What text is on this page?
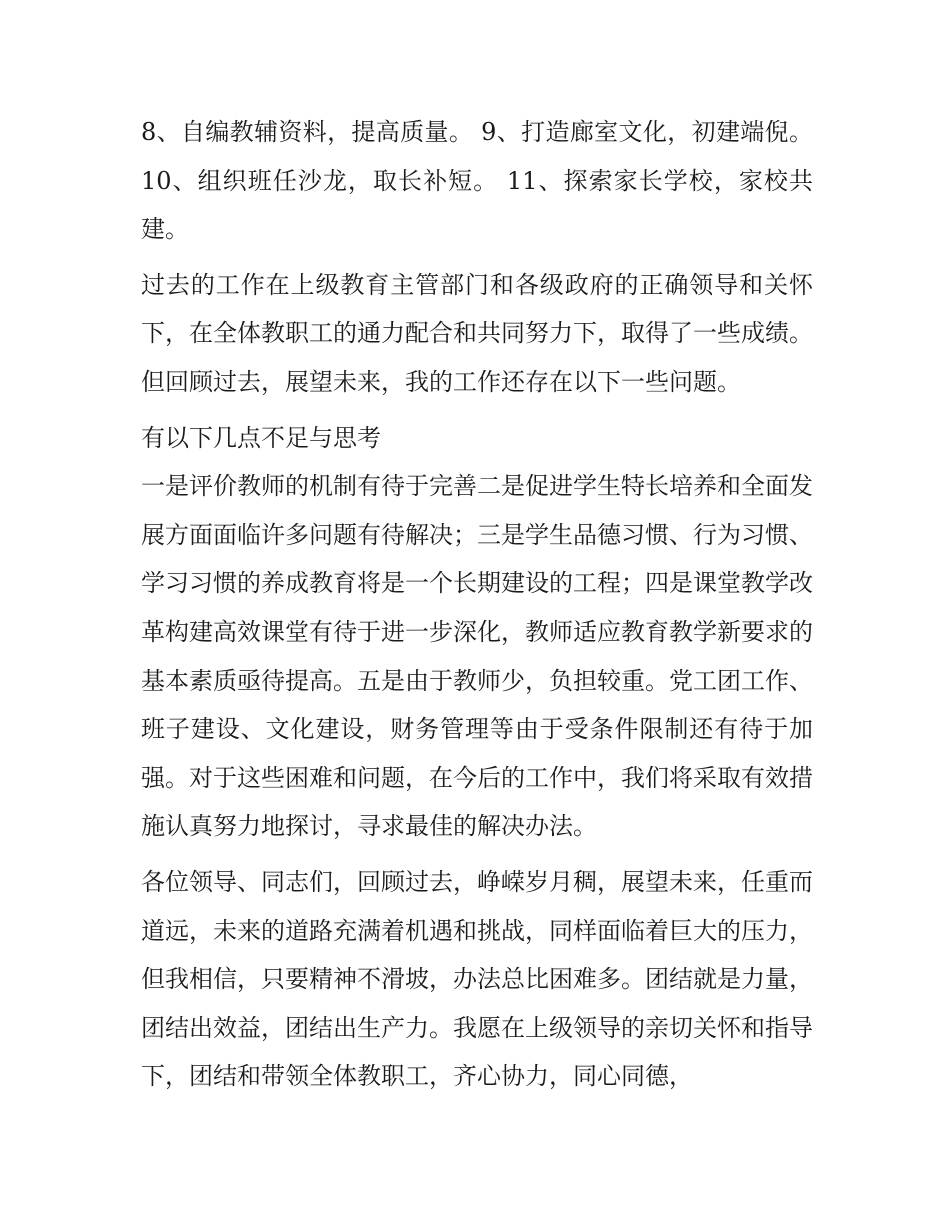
8、自编教辅资料，提高质量。 9、打造廊室文化，初建端倪。 10、组织班任沙龙，取长补短。 11、探索家长学校，家校共建。

过去的工作在上级教育主管部门和各级政府的正确领导和关怀下，在全体教职工的通力配合和共同努力下，取得了一些成绩。但回顾过去，展望未来，我的工作还存在以下一些问题。

有以下几点不足与思考

一是评价教师的机制有待于完善二是促进学生特长培养和全面发展方面面临许多问题有待解决；三是学生品德习惯、行为习惯、学习习惯的养成教育将是一个长期建设的工程；四是课堂教学改革构建高效课堂有待于进一步深化，教师适应教育教学新要求的基本素质亟待提高。五是由于教师少，负担较重。党工团工作、班子建设、文化建设，财务管理等由于受条件限制还有待于加强。对于这些困难和问题，在今后的工作中，我们将采取有效措施认真努力地探讨，寻求最佳的解决办法。

各位领导、同志们，回顾过去，峥嵘岁月稠，展望未来，任重而道远，未来的道路充满着机遇和挑战，同样面临着巨大的压力，但我相信，只要精神不滑坡，办法总比困难多。团结就是力量，团结出效益，团结出生产力。我愿在上级领导的亲切关怀和指导下，团结和带领全体教职工，齐心协力，同心同德，
